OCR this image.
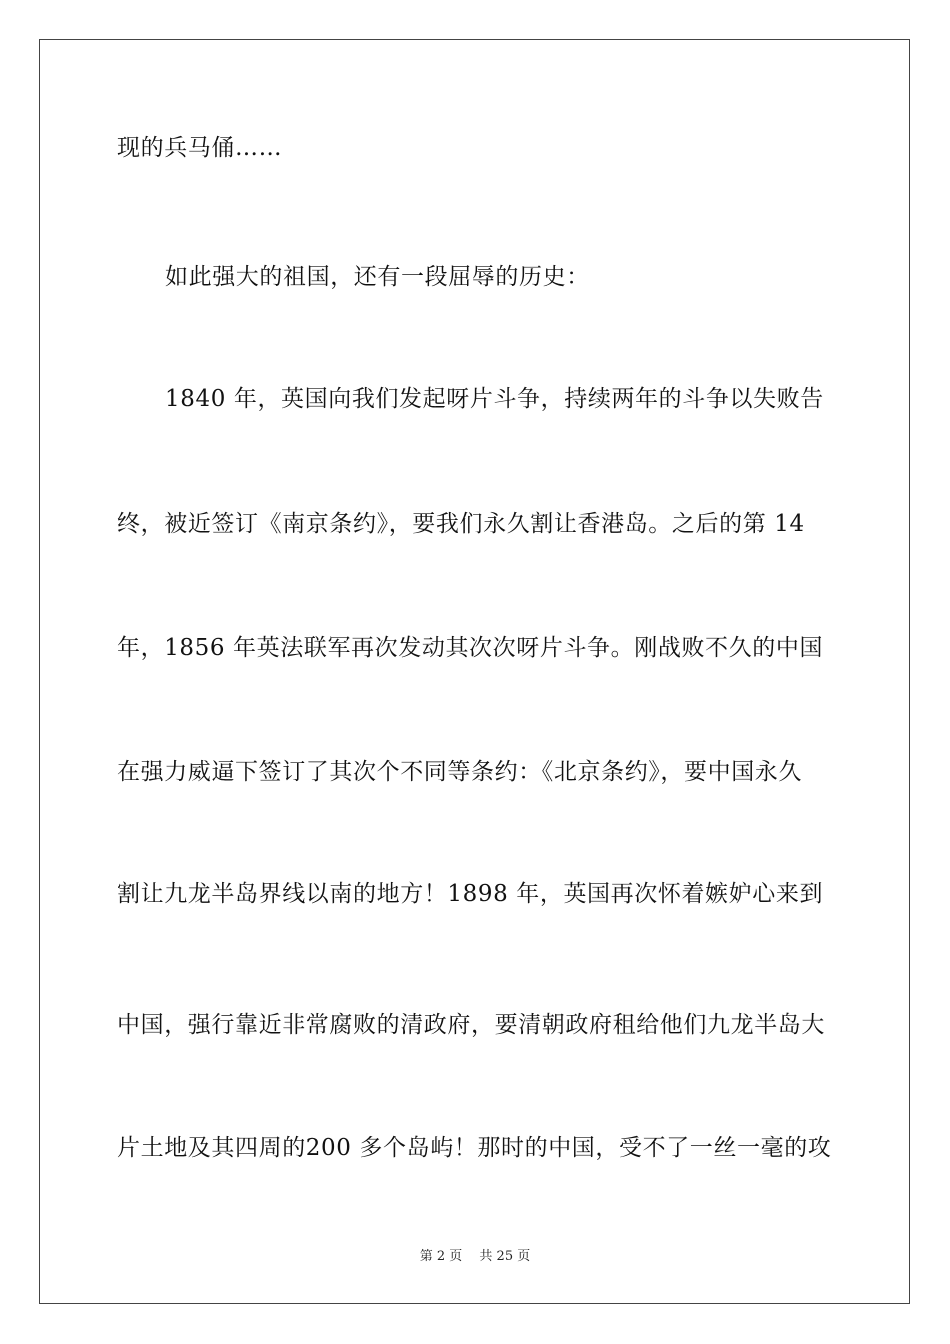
现的兵马俑……
如此强大的祖国，还有一段屈辱的历史：
1840 年，英国向我们发起呀片斗争，持续两年的斗争以失败告
终，被近签订《南京条约》，要我们永久割让香港岛。之后的第 14
年，1856 年英法联军再次发动其次次呀片斗争。刚战败不久的中国
在强力威逼下签订了其次个不同等条约：《北京条约》，要中国永久
割让九龙半岛界线以南的地方！1898 年，英国再次怀着嫉妒心来到
中国，强行靠近非常腐败的清政府，要清朝政府租给他们九龙半岛大
片土地及其四周的200 多个岛屿！那时的中国，受不了一丝一毫的攻
第 2 页　 共 25 页
